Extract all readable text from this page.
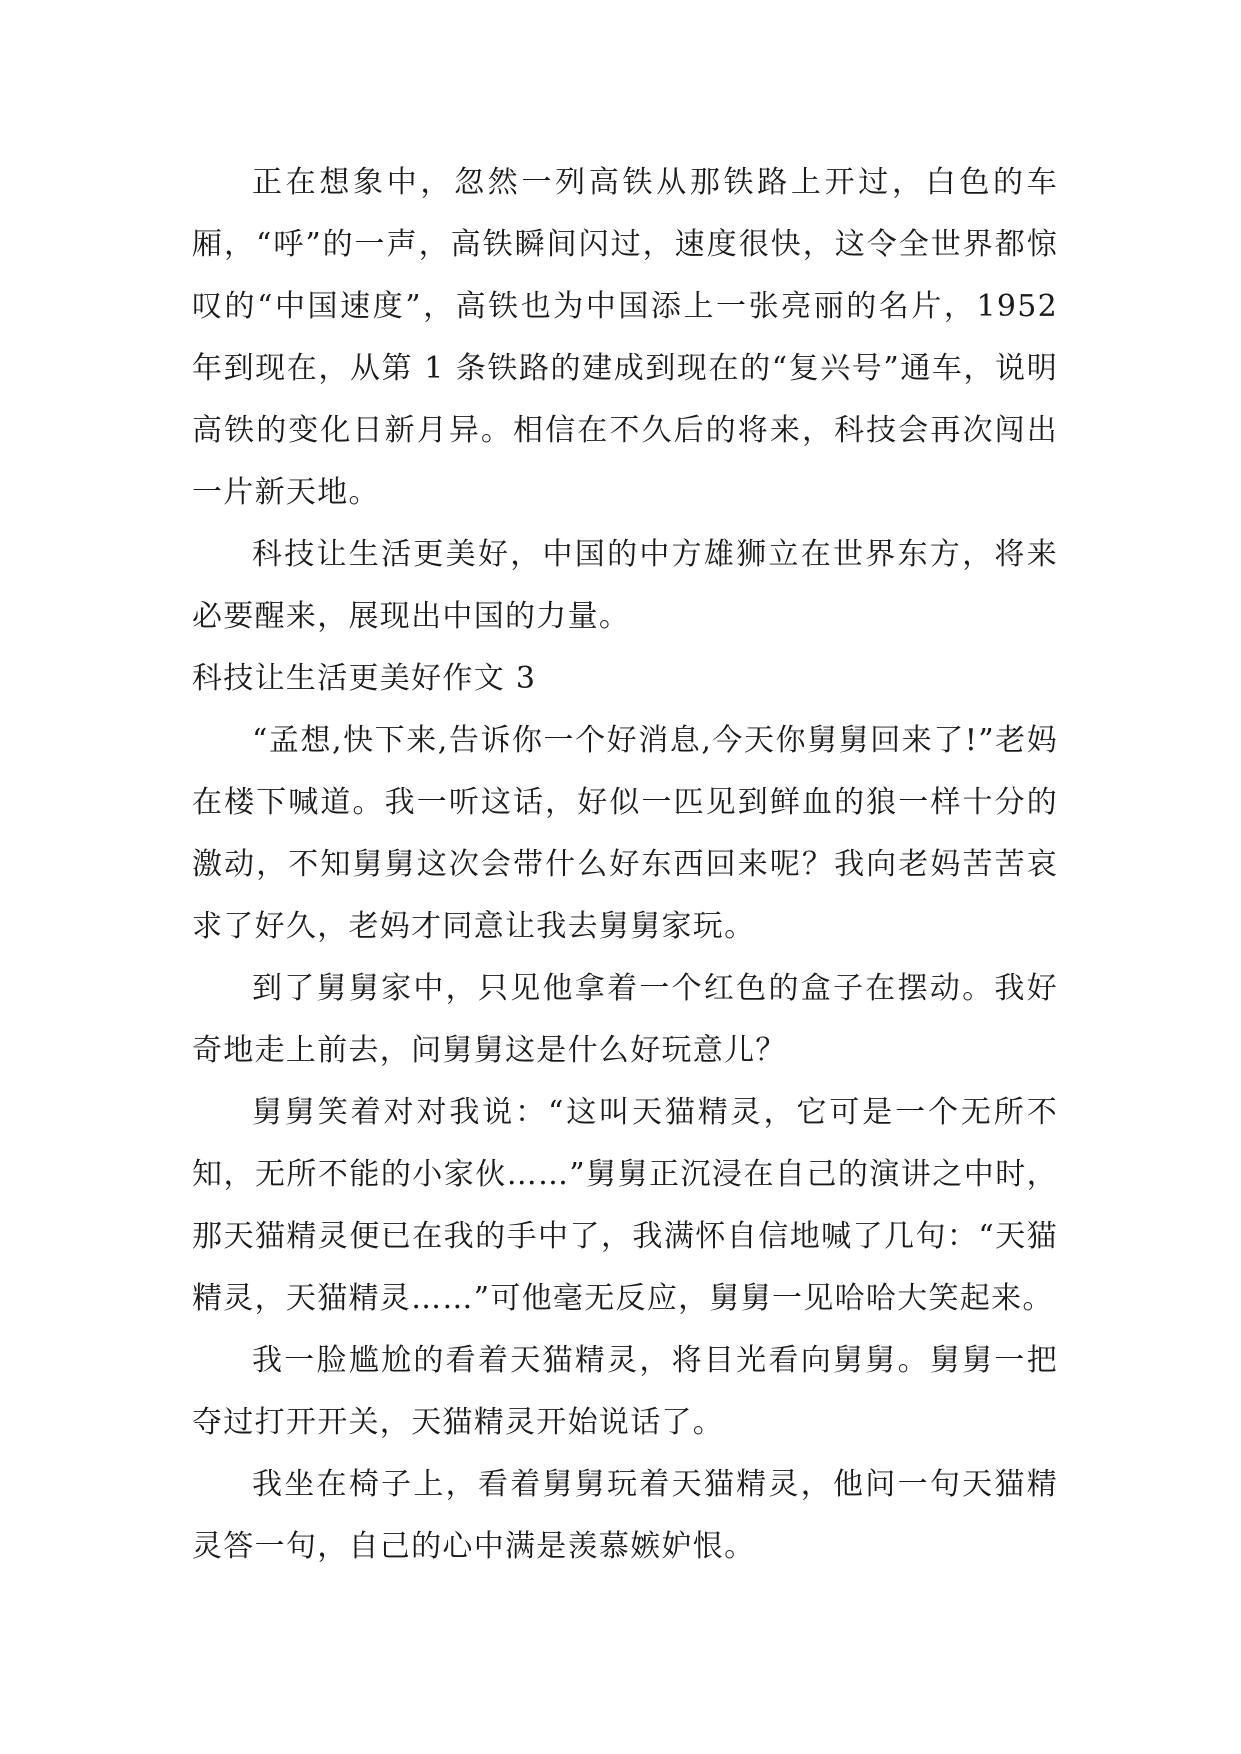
正在想象中，忽然一列高铁从那铁路上开过，白色的车厢，“呼”的一声，高铁瞬间闪过，速度很快，这令全世界都惊叹的“中国速度”，高铁也为中国添上一张亮丽的名片，1952 年到现在，从第 1 条铁路的建成到现在的“复兴号”通车，说明高铁的变化日新月异。相信在不久后的将来，科技会再次闯出一片新天地。

科技让生活更美好，中国的中方雄狮立在世界东方，将来必要醒来，展现出中国的力量。

科技让生活更美好作文 3

“孟想,快下来,告诉你一个好消息,今天你舅舅回来了!”老妈在楼下喊道。我一听这话，好似一匹见到鲜血的狼一样十分的激动，不知舅舅这次会带什么好东西回来呢？我向老妈苦苦哀求了好久，老妈才同意让我去舅舅家玩。

到了舅舅家中，只见他拿着一个红色的盒子在摆动。我好奇地走上前去，问舅舅这是什么好玩意儿？

舅舅笑着对对我说：“这叫天猫精灵，它可是一个无所不知，无所不能的小家伙……”舅舅正沉浸在自己的演讲之中时，那天猫精灵便已在我的手中了，我满怀自信地喊了几句：“天猫精灵，天猫精灵……”可他毫无反应，舅舅一见哈哈大笑起来。

我一脸尴尬的看着天猫精灵，将目光看向舅舅。舅舅一把夺过打开开关，天猫精灵开始说话了。

我坐在椅子上，看着舅舅玩着天猫精灵，他问一句天猫精灵答一句，自己的心中满是羡慕嫉妒恨。
